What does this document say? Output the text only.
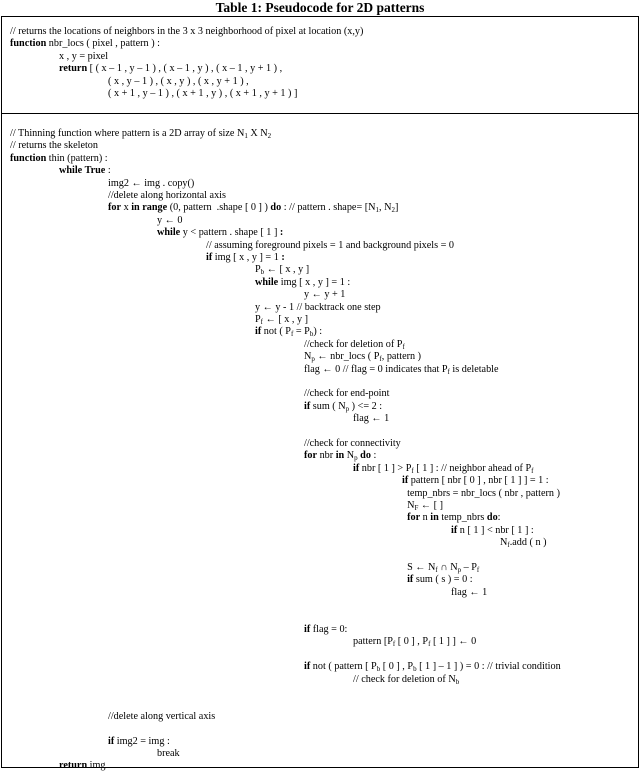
Table 1: Pseudocode for 2D patterns
// returns the locations of neighbors in the 3 x 3 neighborhood of pixel at location (x,y)
function nbr_locs ( pixel , pattern ) :
x , y = pixel
return [ ( x – 1 , y – 1 ) , ( x – 1 , y ) , ( x – 1 , y + 1 ) ,
( x , y – 1 ) , ( x , y ) , ( x , y + 1 ) ,
( x + 1 , y – 1 ) , ( x + 1 , y ) , ( x + 1 , y + 1 ) ]
// Thinning function where pattern is a 2D array of size $N_1$ X $N_2$
// returns the skeleton
function thin (pattern) :
while True :
img2 ← img . copy()
//delete along horizontal axis
for x in range (0, pattern  .shape [ 0 ] ) do : // pattern . shape= [$N_1$, $N_2$]
y ← 0
while y < pattern . shape [ 1 ] :
// assuming foreground pixels = 1 and background pixels = 0
if img [ x , y ] = 1 :
$P_b$ ← [ x , y ]
while img [ x , y ] = 1 :
y ← y + 1
y ← y - 1 // backtrack one step
$P_f$ ← [ x , y ]
if not ( $P_f = P_b$) :
//check for deletion of $P_f$
$N_p$ ← nbr_locs ( $P_f$, pattern )
flag ← 0 // flag = 0 indicates that $P_f$ is deletable
//check for end-point
if sum ( $N_p$ ) <= 2 :
flag ← 1
//check for connectivity
for nbr in $N_p$ do :
if nbr [ 1 ] > $P_f$ [ 1 ] : // neighbor ahead of $P_f$
if pattern [ nbr [ 0 ] , nbr [ 1 ] ] = 1 :
temp_nbrs = nbr_locs ( nbr , pattern )
$N_F$ ← [ ]
for n in temp_nbrs do:
if n [ 1 ] < nbr [ 1 ] :
$N_f.add$ ( n )
S ← $N_f$ ∩ $N_p - P_f$
if sum ( s ) = 0 :
flag ← 1
if flag = 0:
pattern [$P_f$ [ 0 ] , $P_f$ [ 1 ] ] ← 0
if not ( pattern [ $P_b$ [ 0 ] , $P_b$ [ 1 ] – 1 ] ) = 0 : // trivial condition
// check for deletion of $N_b$
//delete along vertical axis
if img2 = img :
break
return img
